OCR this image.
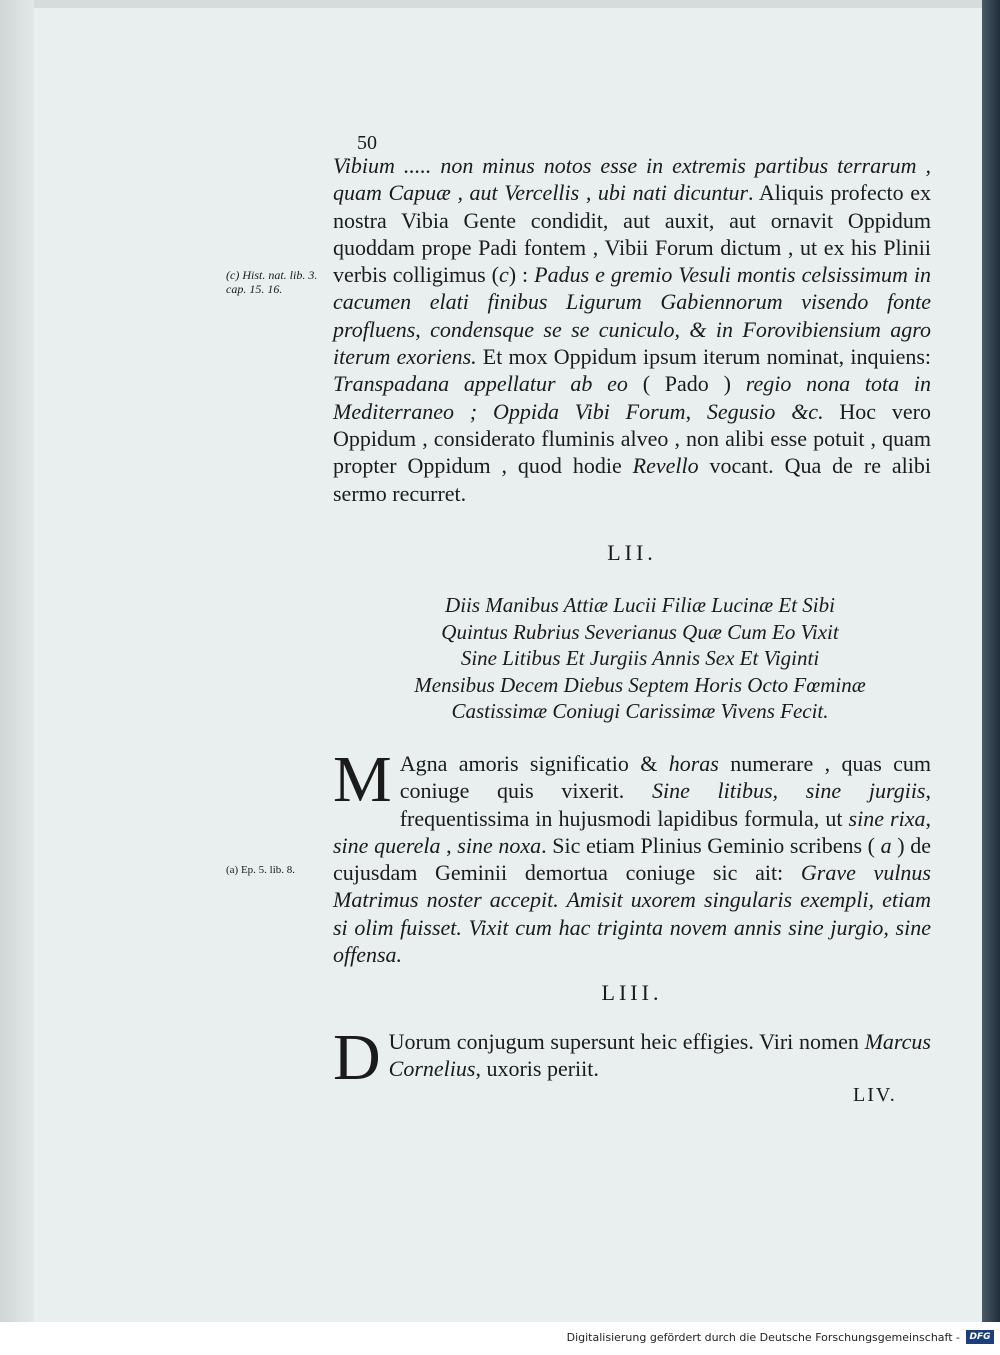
50
Vibium ..... non minus notos esse in extremis partibus terrarum , quam Capuæ , aut Vercellis , ubi nati dicuntur. Aliquis profecto ex nostra Vibia Gente condidit, aut auxit, aut ornavit Oppidum quoddam prope Padi fontem , Vibii Forum dictum , ut ex his Plinii verbis colligimus (c) : Padus e gremio Vesuli montis celsissimum in cacumen elati finibus Ligurum Gabiennorum visendo fonte profluens, condensque se se cuniculo, & in Forovibiensium agro iterum exoriens. Et mox Oppidum ipsum iterum nominat, inquiens: Transpadana appellatur ab eo ( Pado ) regio nona tota in Mediterraneo ; Oppida Vibi Forum, Segusio &c. Hoc vero Oppidum , considerato fluminis alveo , non alibi esse potuit , quam propter Oppidum , quod hodie Revello vocant. Qua de re alibi sermo recurret.
(c) Hist. nat. lib. 3. cap. 15. 16.
LII.
Diis Manibus Attiæ Lucii Filiæ Lucinæ Et Sibi
Quintus Rubrius Severianus Quæ Cum Eo Vixit
Sine Litibus Et Jurgiis Annis Sex Et Viginti
Mensibus Decem Diebus Septem Horis Octo Fœminæ
Castissimæ Coniugi Carissimæ Vivens Fecit.
M Agna amoris significatio & horas numerare , quas cum coniuge quis vixerit. Sine litibus, sine jurgiis, frequentissima in hujusmodi lapidibus formula, ut sine rixa, sine querela , sine noxa. Sic etiam Plinius Geminio scribens ( a ) de cujusdam Geminii demortua coniuge sic ait: Grave vulnus Matrimus noster accepit. Amisit uxorem singularis exempli, etiam si olim fuisset. Vixit cum hac triginta novem annis sine jurgio, sine offensa.
(a) Ep. 5. lib. 8.
LIII.
D Uorum conjugum supersunt heic effigies. Viri nomen Marcus Cornelius, uxoris periit.
LIV.
Digitalisierung gefördert durch die Deutsche Forschungsgemeinschaft -	DFG
